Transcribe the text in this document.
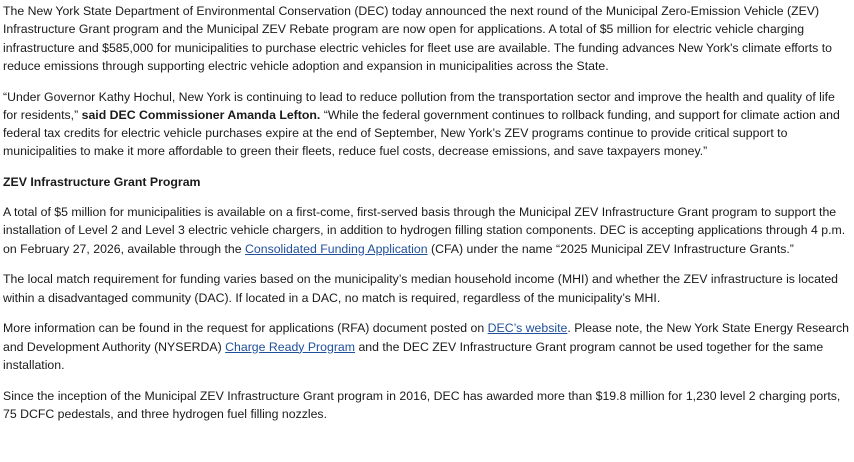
The New York State Department of Environmental Conservation (DEC) today announced the next round of the Municipal Zero-Emission Vehicle (ZEV) Infrastructure Grant program and the Municipal ZEV Rebate program are now open for applications. A total of $5 million for electric vehicle charging infrastructure and $585,000 for municipalities to purchase electric vehicles for fleet use are available. The funding advances New York's climate efforts to reduce emissions through supporting electric vehicle adoption and expansion in municipalities across the State.

“Under Governor Kathy Hochul, New York is continuing to lead to reduce pollution from the transportation sector and improve the health and quality of life for residents,” said DEC Commissioner Amanda Lefton. “While the federal government continues to rollback funding, and support for climate action and federal tax credits for electric vehicle purchases expire at the end of September, New York’s ZEV programs continue to provide critical support to municipalities to make it more affordable to green their fleets, reduce fuel costs, decrease emissions, and save taxpayers money.”

ZEV Infrastructure Grant Program

A total of $5 million for municipalities is available on a first-come, first-served basis through the Municipal ZEV Infrastructure Grant program to support the installation of Level 2 and Level 3 electric vehicle chargers, in addition to hydrogen filling station components. DEC is accepting applications through 4 p.m. on February 27, 2026, available through the Consolidated Funding Application (CFA) under the name “2025 Municipal ZEV Infrastructure Grants.”

The local match requirement for funding varies based on the municipality’s median household income (MHI) and whether the ZEV infrastructure is located within a disadvantaged community (DAC). If located in a DAC, no match is required, regardless of the municipality’s MHI.

More information can be found in the request for applications (RFA) document posted on DEC’s website. Please note, the New York State Energy Research and Development Authority (NYSERDA) Charge Ready Program and the DEC ZEV Infrastructure Grant program cannot be used together for the same installation.

Since the inception of the Municipal ZEV Infrastructure Grant program in 2016, DEC has awarded more than $19.8 million for 1,230 level 2 charging ports, 75 DCFC pedestals, and three hydrogen fuel filling nozzles.
